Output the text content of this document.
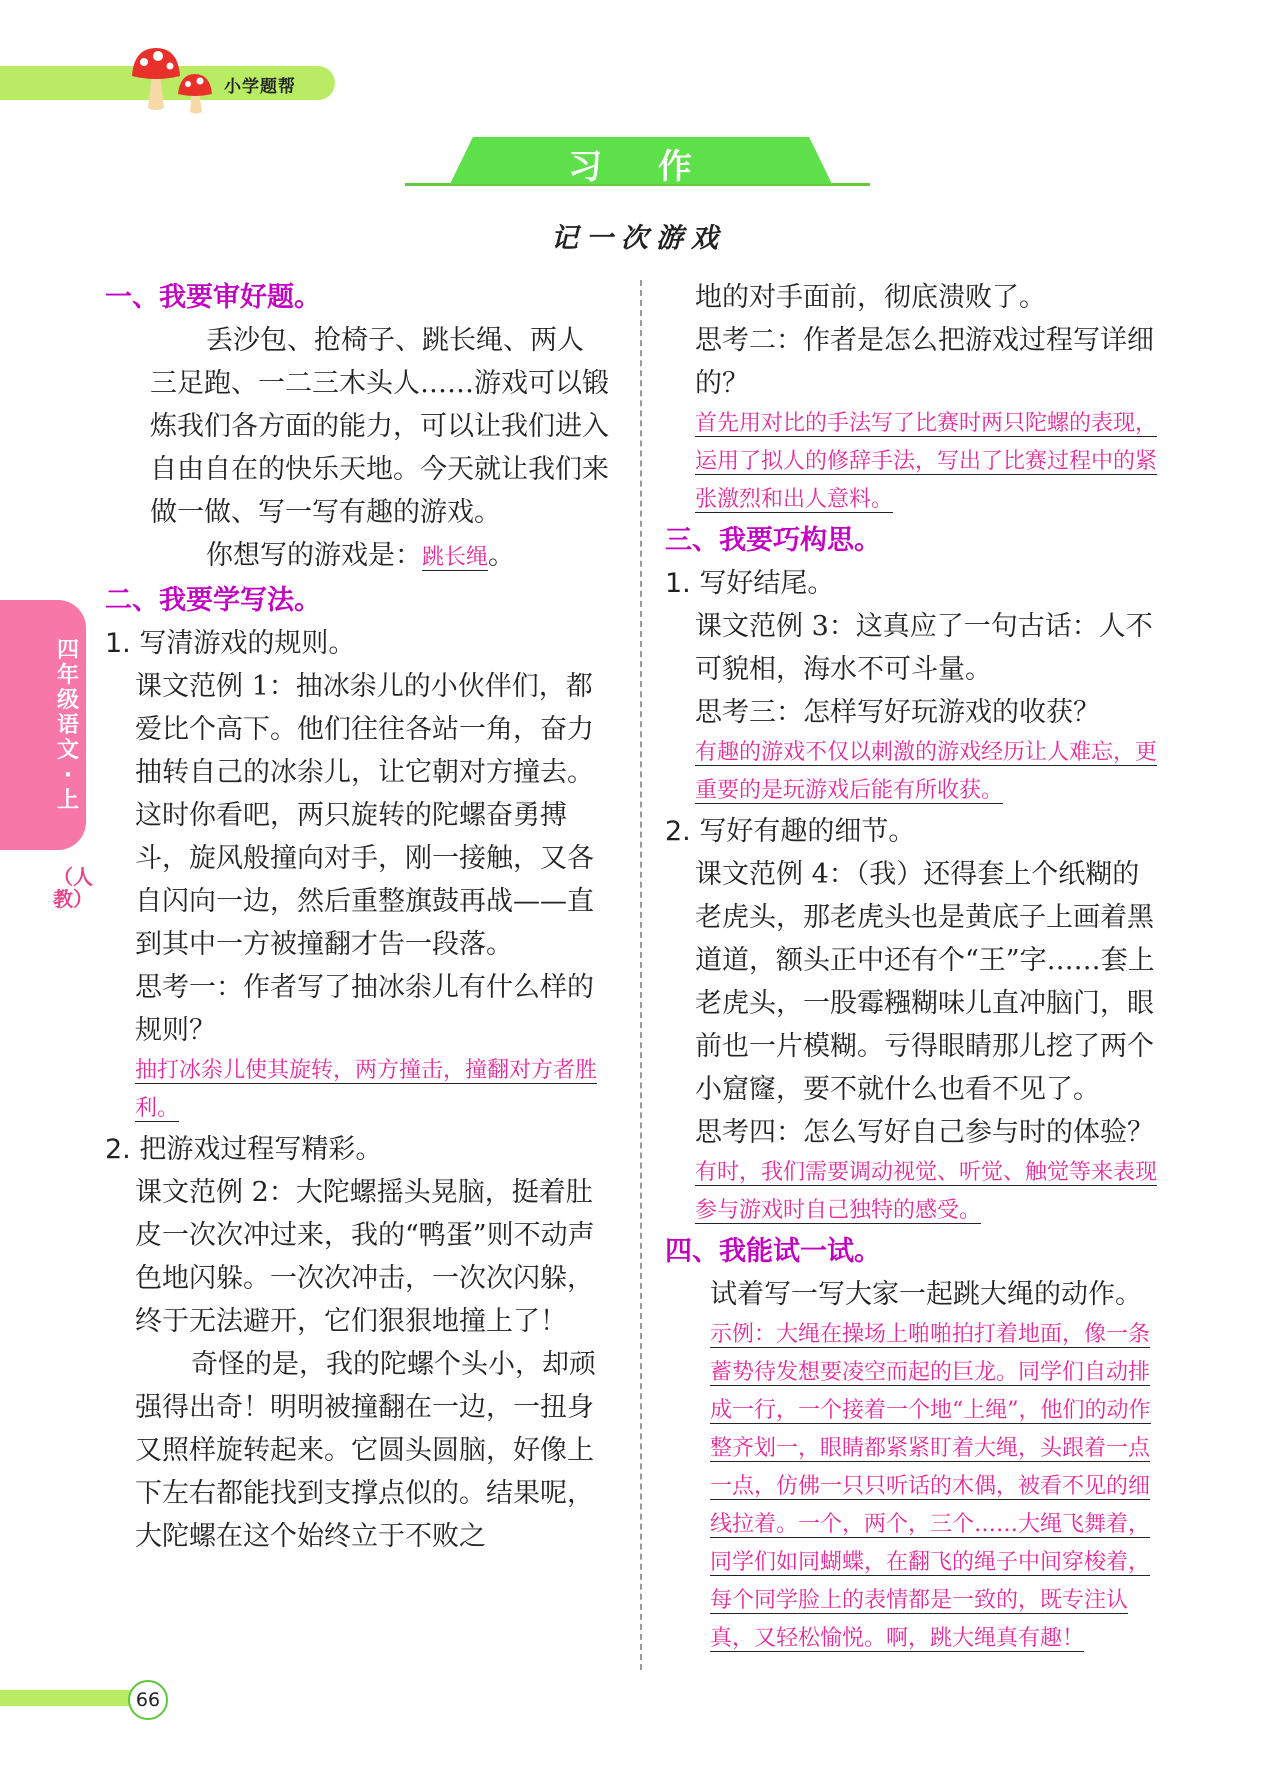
小学题帮
习 作
记一次游戏
四年级语文·上
（人教）

一、我要审好题。

丢沙包、抢椅子、跳长绳、两人三足跑、一二三木头人……游戏可以锻炼我们各方面的能力，可以让我们进入自由自在的快乐天地。今天就让我们来做一做、写一写有趣的游戏。

你想写的游戏是：跳长绳。

二、我要学写法。

1. 写清游戏的规则。

课文范例 1：抽冰尜儿的小伙伴们，都爱比个高下。他们往往各站一角，奋力抽转自己的冰尜儿，让它朝对方撞去。这时你看吧，两只旋转的陀螺奋勇搏斗，旋风般撞向对手，刚一接触，又各自闪向一边，然后重整旗鼓再战——直到其中一方被撞翻才告一段落。

思考一：作者写了抽冰尜儿有什么样的规则？

抽打冰尜儿使其旋转，两方撞击，撞翻对方者胜利。

2. 把游戏过程写精彩。

课文范例 2：大陀螺摇头晃脑，挺着肚皮一次次冲过来，我的“鸭蛋”则不动声色地闪躲。一次次冲击，一次次闪躲，终于无法避开，它们狠狠地撞上了！

奇怪的是，我的陀螺个头小，却顽强得出奇！明明被撞翻在一边，一扭身又照样旋转起来。它圆头圆脑，好像上下左右都能找到支撑点似的。结果呢，大陀螺在这个始终立于不败之

地的对手面前，彻底溃败了。

思考二：作者是怎么把游戏过程写详细的？

首先用对比的手法写了比赛时两只陀螺的表现，运用了拟人的修辞手法，写出了比赛过程中的紧张激烈和出人意料。

三、我要巧构思。

1. 写好结尾。

课文范例 3：这真应了一句古话：人不可貌相，海水不可斗量。

思考三：怎样写好玩游戏的收获？

有趣的游戏不仅以刺激的游戏经历让人难忘，更重要的是玩游戏后能有所收获。

2. 写好有趣的细节。

课文范例 4：（我）还得套上个纸糊的老虎头，那老虎头也是黄底子上画着黑道道，额头正中还有个“王”字……套上老虎头，一股霉糨糊味儿直冲脑门，眼前也一片模糊。亏得眼睛那儿挖了两个小窟窿，要不就什么也看不见了。

思考四：怎么写好自己参与时的体验？

有时，我们需要调动视觉、听觉、触觉等来表现参与游戏时自己独特的感受。

四、我能试一试。

试着写一写大家一起跳大绳的动作。

示例：大绳在操场上啪啪拍打着地面，像一条蓄势待发想要凌空而起的巨龙。同学们自动排成一行，一个接着一个地“上绳”，他们的动作整齐划一，眼睛都紧紧盯着大绳，头跟着一点一点，仿佛一只只听话的木偶，被看不见的细线拉着。一个，两个，三个……大绳飞舞着，同学们如同蝴蝶，在翻飞的绳子中间穿梭着，每个同学脸上的表情都是一致的，既专注认真，又轻松愉悦。啊，跳大绳真有趣！

66
